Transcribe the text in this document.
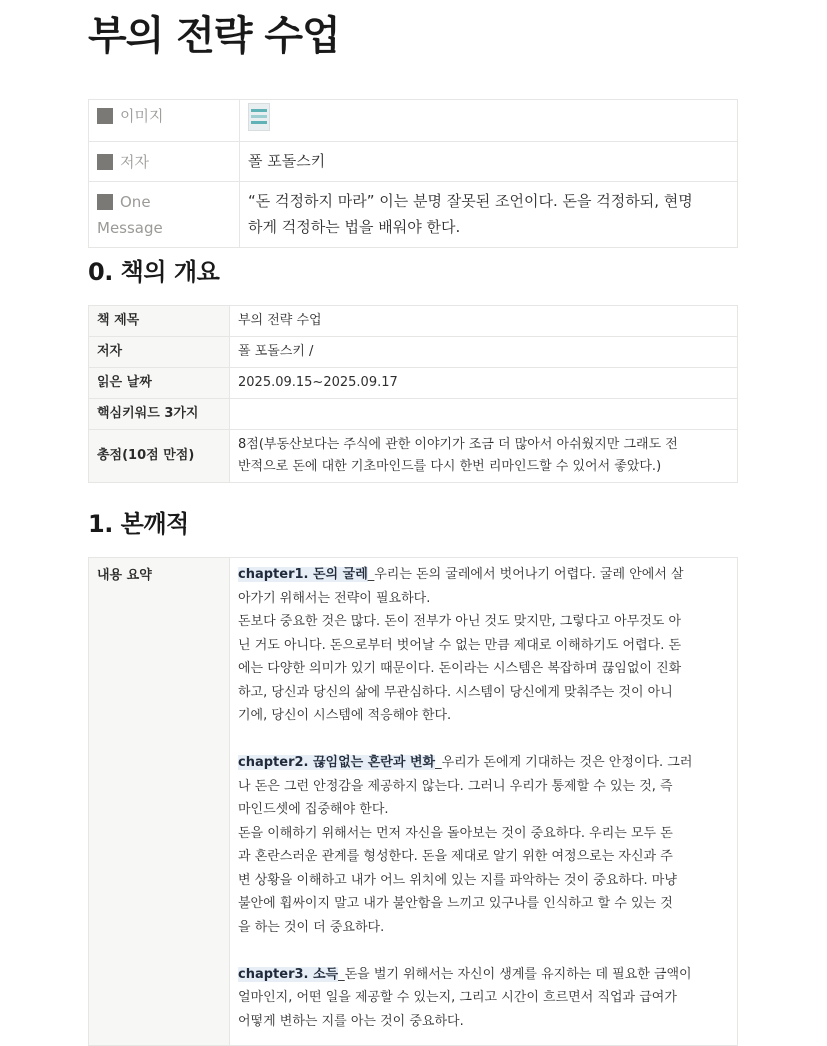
부의 전략 수업
이미지	

저자	폴 포돌스키
One
Message	“돈 걱정하지 마라” 이는 분명 잘못된 조언이다. 돈을 걱정하되, 현명
하게 걱정하는 법을 배워야 한다.
0. 책의 개요
책 제목	부의 전략 수업
저자	폴 포돌스키 /
읽은 날짜	2025.09.15~2025.09.17
핵심키워드 3가지	
총점(10점 만점)	8점(부동산보다는 주식에 관한 이야기가 조금 더 많아서 아쉬웠지만 그래도 전
반적으로 돈에 대한 기초마인드를 다시 한번 리마인드할 수 있어서 좋았다.)
1. 본깨적
내용 요약	chapter1. 돈의 굴레_우리는 돈의 굴레에서 벗어나기 어렵다. 굴레 안에서 살
아가기 위해서는 전략이 필요하다.
돈보다 중요한 것은 많다. 돈이 전부가 아닌 것도 맞지만, 그렇다고 아무것도 아
닌 거도 아니다. 돈으로부터 벗어날 수 없는 만큼 제대로 이해하기도 어렵다. 돈
에는 다양한 의미가 있기 때문이다. 돈이라는 시스템은 복잡하며 끊임없이 진화
하고, 당신과 당신의 삶에 무관심하다. 시스템이 당신에게 맞춰주는 것이 아니
기에, 당신이 시스템에 적응해야 한다.

chapter2. 끊임없는 혼란과 변화_우리가 돈에게 기대하는 것은 안정이다. 그러
나 돈은 그런 안정감을 제공하지 않는다. 그러니 우리가 통제할 수 있는 것, 즉
마인드셋에 집중해야 한다.
돈을 이해하기 위해서는 먼저 자신을 돌아보는 것이 중요하다. 우리는 모두 돈
과 혼란스러운 관계를 형성한다. 돈을 제대로 알기 위한 여정으로는 자신과 주
변 상황을 이해하고 내가 어느 위치에 있는 지를 파악하는 것이 중요하다. 마냥
불안에 휩싸이지 말고 내가 불안함을 느끼고 있구나를 인식하고 할 수 있는 것
을 하는 것이 더 중요하다.

chapter3. 소득_돈을 벌기 위해서는 자신이 생계를 유지하는 데 필요한 금액이
얼마인지, 어떤 일을 제공할 수 있는지, 그리고 시간이 흐르면서 직업과 급여가
어떻게 변하는 지를 아는 것이 중요하다.
